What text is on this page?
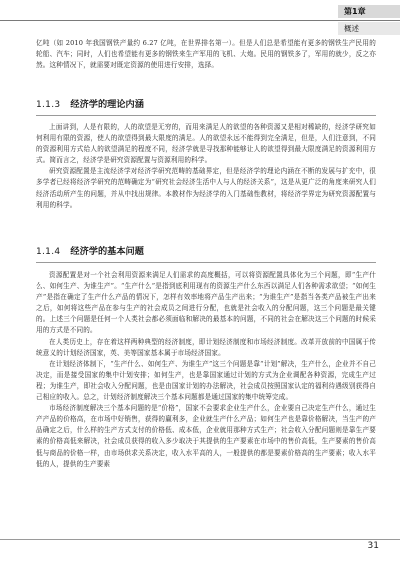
第1章
概述

亿吨（如 2010 年我国钢铁产量约 6.27 亿吨，在世界排名第一）。但是人们总是希望能有更多的钢铁生产民用的轮船、汽车；同时，人们也希望能有更多的钢铁来生产军用的飞机、大炮。民用的钢铁多了，军用的就少，反之亦然。这种情况下，就需要对既定资源的使用进行安排，选择。

1.1.3 经济学的理论内涵

上面讲到，人是有限的，人的欲望是无穷的，而用来满足人的欲望的各种资源又是相对稀缺的，经济学研究如何利用有限的资源，使人的欲望得到最大限度的满足。人的欲望永远不能得到完全满足，但是，人们注意到，不同的资源利用方式给人的欲望满足的程度不同，经济学就是寻找那种能够让人的欲望得到最大限度满足的资源利用方式。简而言之，经济学是研究资源配置与资源利用的科学。

研究资源配置是主流经济学对经济学研究范畴的基础界定，但是经济学的理论内涵在不断的发展与扩充中，很多学者已经将经济学研究的范畴确定为“研究社会经济生活中人与人的经济关系”，这是从更广泛的角度来研究人们经济活动所产生的问题，并从中找出规律。本教材作为经济学的入门基础性教材，将经济学界定为研究资源配置与利用的科学。

1.1.4 经济学的基本问题

资源配置是对一个社会利用资源来满足人们需求的高度概括，可以将资源配置具体化为三个问题，即“生产什么、如何生产、为谁生产”。“生产什么”是指到底利用现有的资源生产什么东西以满足人们各种需求欲望；“如何生产”是指在确定了生产什么产品的情况下，怎样有效率地将产品生产出来；“为谁生产”是指当各类产品被生产出来之后，如何将这些产品在参与生产的社会成员之间进行分配，也就是社会收入的分配问题，这三个问题是最关键的。上述三个问题是任何一个人类社会都必须面临和解决的最基本的问题，不同的社会在解决这三个问题的时候采用的方式是不同的。

在人类历史上，存在着这样两种典型的经济制度，即计划经济制度和市场经济制度。改革开放前的中国属于传统意义的计划经济国家，英、美等国家基本属于市场经济国家。

在计划经济体制下，“生产什么、如何生产、为谁生产”这三个问题是靠“计划”解决，生产什么，企业并不自己决定，而是接受国家的集中计划安排；如何生产，也是靠国家通过计划的方式为企业调配各种资源，完成生产过程；为谁生产，即社会收入分配问题，也是由国家计划的办法解决，社会成员按照国家认定的福利待遇级别获得自己相应的收入。总之，计划经济制度解决三个基本问题都是通过国家的集中统筹完成。

市场经济制度解决三个基本问题的是“价格”，国家不会要求企业生产什么，企业要自己决定生产什么，通过生产产品的价格高，在市场中好销售，获得的赢利多，企业就生产什么产品；如何生产也是靠价格解决，当生产的产品确定之后，什么样的生产方式支付的价格低、成本低，企业就用那种方式生产；社会收入分配问题则是靠生产要素的价格高低来解决，社会成员获得的收入多少取决于其提供的生产要素在市场中的售价高低，生产要素的售价高低与商品的价格一样，由市场供求关系决定，收入水平高的人，一般提供的都是要素价格高的生产要素；收入水平低的人，提供的生产要素

31
